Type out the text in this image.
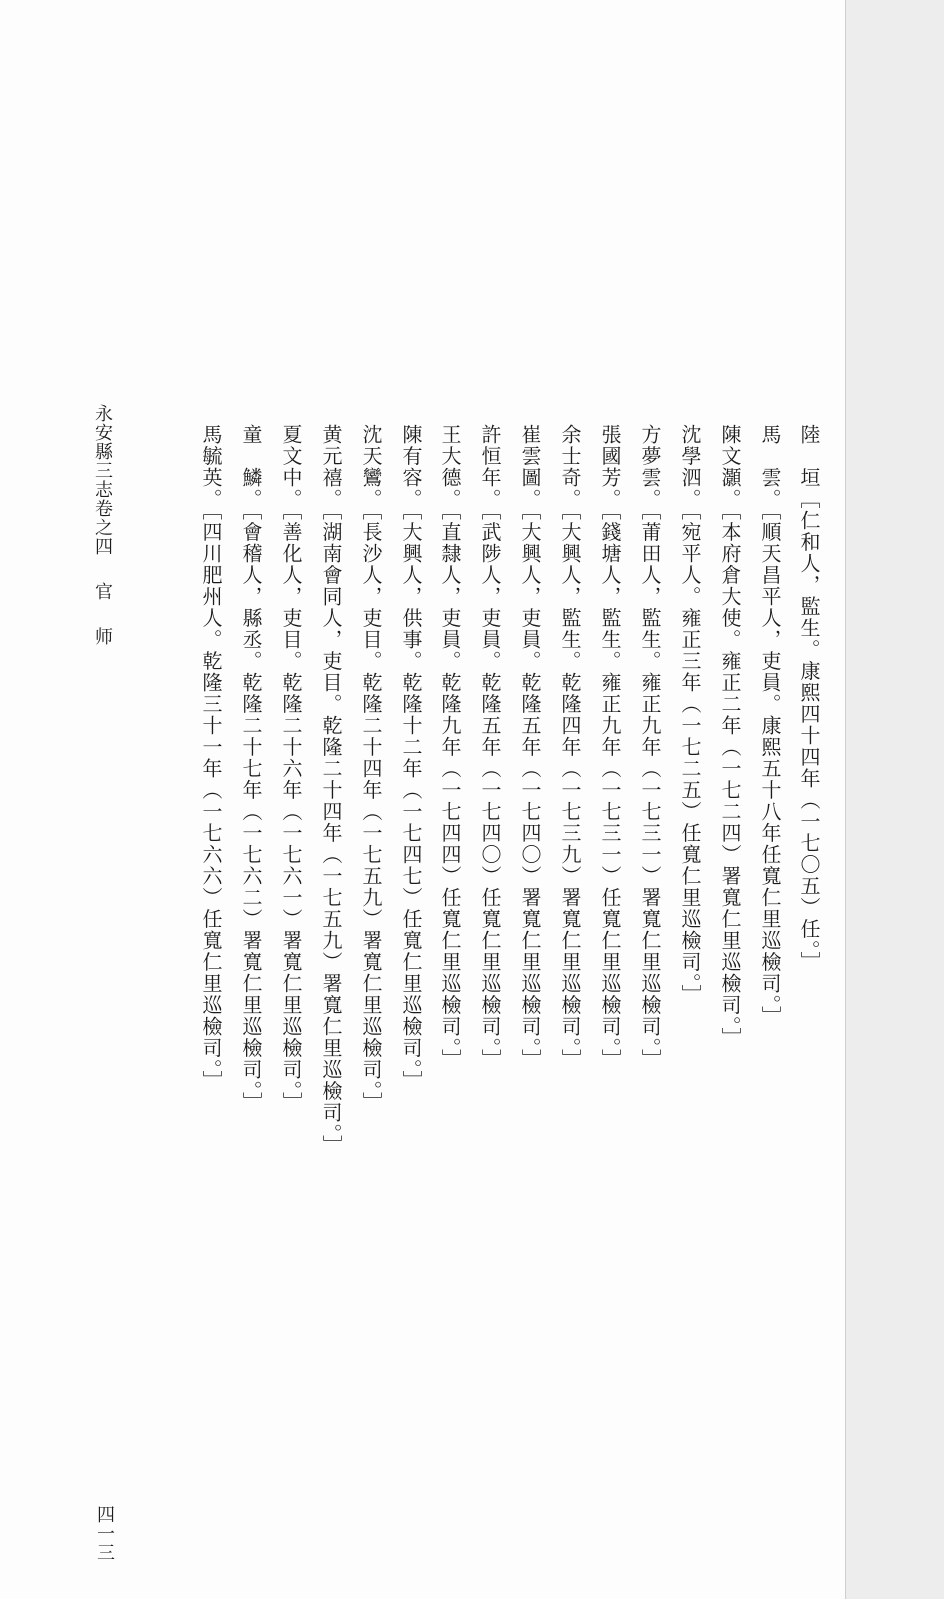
陸　垣［仁和人，監生。康熙四十四年（一七〇五）任。］
馬　雲。［順天昌平人，吏員。康熙五十八年任寬仁里巡檢司。］
陳文灝。［本府倉大使。雍正二年（一七二四）署寬仁里巡檢司。］
沈學泗。［宛平人。雍正三年（一七二五）任寬仁里巡檢司。］
方夢雲。［莆田人，監生。雍正九年（一七三一）署寬仁里巡檢司。］
張國芳。［錢塘人，監生。雍正九年（一七三一）任寬仁里巡檢司。］
余士奇。［大興人，監生。乾隆四年（一七三九）署寬仁里巡檢司。］
崔雲圖。［大興人，吏員。乾隆五年（一七四〇）署寬仁里巡檢司。］
許恒年。［武陟人，吏員。乾隆五年（一七四〇）任寬仁里巡檢司。］
王大德。［直隸人，吏員。乾隆九年（一七四四）任寬仁里巡檢司。］
陳有容。［大興人，供事。乾隆十二年（一七四七）任寬仁里巡檢司。］
沈天鸞。［長沙人，吏目。乾隆二十四年（一七五九）署寬仁里巡檢司。］
黄元禧。［湖南會同人，吏目。乾隆二十四年（一七五九）署寬仁里巡檢司。］
夏文中。［善化人，吏目。乾隆二十六年（一七六一）署寬仁里巡檢司。］
童　鱗。［會稽人，縣丞。乾隆二十七年（一七六二）署寬仁里巡檢司。］
馬毓英。［四川肥州人。乾隆三十一年（一七六六）任寬仁里巡檢司。］
永安縣三志卷之四官师
四一三
